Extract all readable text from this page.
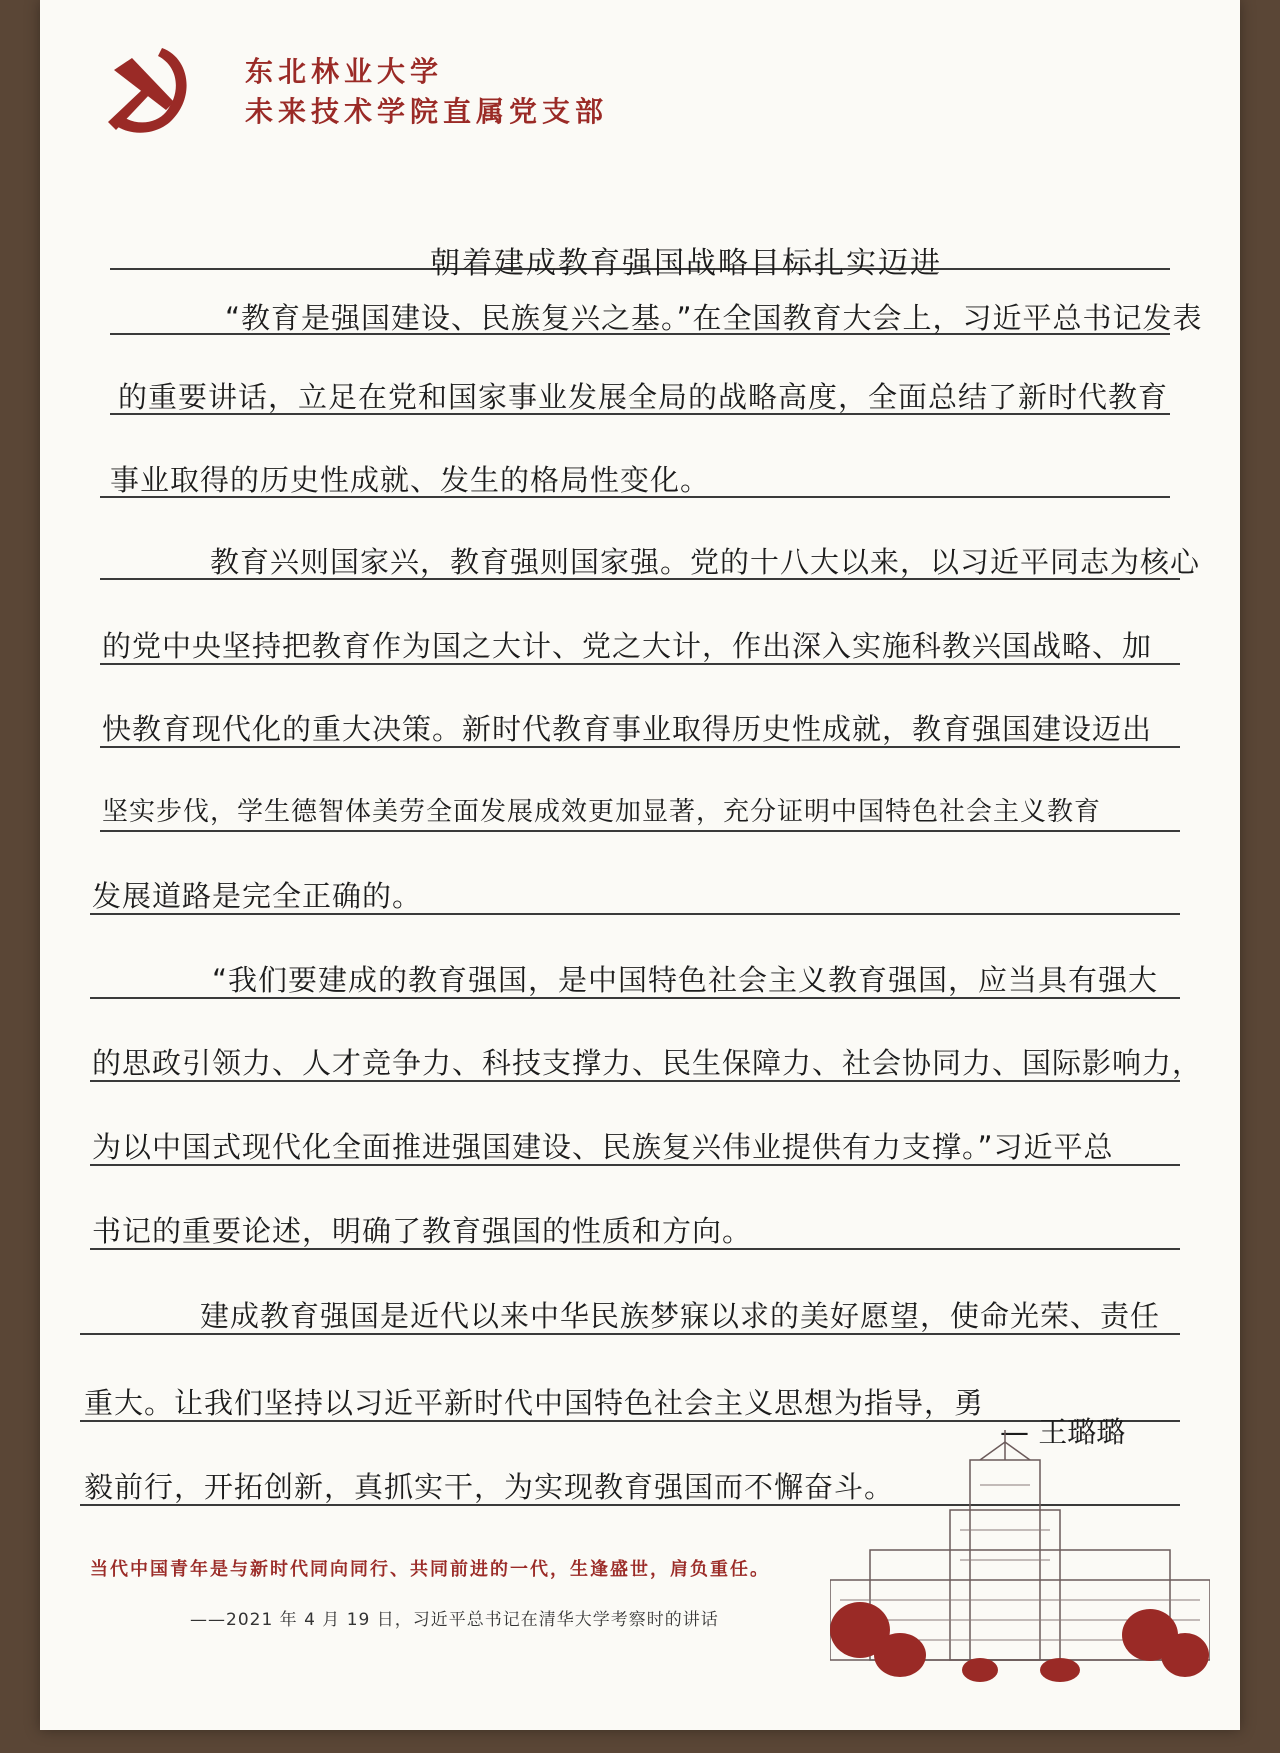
东北林业大学
未来技术学院直属党支部
朝着建成教育强国战略目标扎实迈进
“教育是强国建设、民族复兴之基。”在全国教育大会上，习近平总书记发表
的重要讲话，立足在党和国家事业发展全局的战略高度，全面总结了新时代教育
事业取得的历史性成就、发生的格局性变化。
教育兴则国家兴，教育强则国家强。党的十八大以来，以习近平同志为核心
的党中央坚持把教育作为国之大计、党之大计，作出深入实施科教兴国战略、加
快教育现代化的重大决策。新时代教育事业取得历史性成就，教育强国建设迈出
坚实步伐，学生德智体美劳全面发展成效更加显著，充分证明中国特色社会主义教育
发展道路是完全正确的。
“我们要建成的教育强国，是中国特色社会主义教育强国，应当具有强大
的思政引领力、人才竞争力、科技支撑力、民生保障力、社会协同力、国际影响力，
为以中国式现代化全面推进强国建设、民族复兴伟业提供有力支撑。”习近平总
书记的重要论述，明确了教育强国的性质和方向。
建成教育强国是近代以来中华民族梦寐以求的美好愿望，使命光荣、责任
重大。让我们坚持以习近平新时代中国特色社会主义思想为指导，勇
毅前行，开拓创新，真抓实干，为实现教育强国而不懈奋斗。
— 王璐璐
当代中国青年是与新时代同向同行、共同前进的一代，生逢盛世，肩负重任。
——2021 年 4 月 19 日，习近平总书记在清华大学考察时的讲话
